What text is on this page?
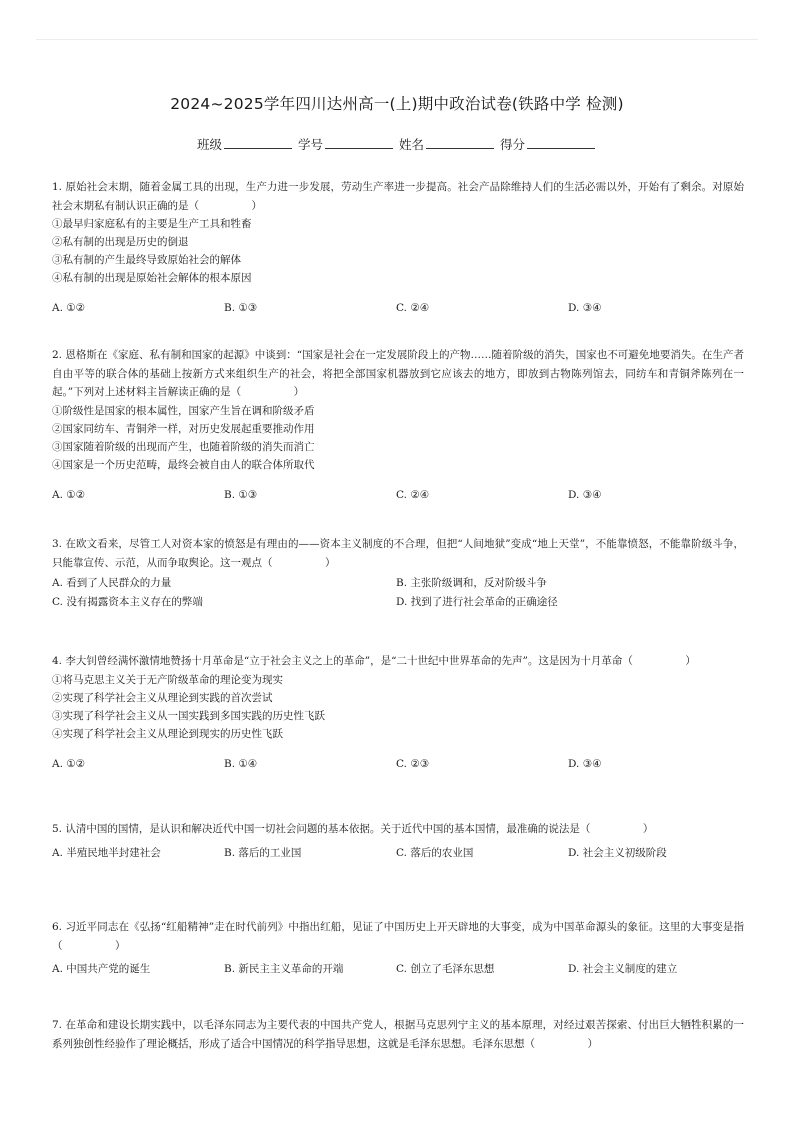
2024~2025学年四川达州高一(上)期中政治试卷(铁路中学 检测)
班级	学号	姓名	得分

1. 原始社会末期，随着金属工具的出现，生产力进一步发展，劳动生产率进一步提高。社会产品除维持人们的生活必需以外，开始有了剩余。对原始社会末期私有制认识正确的是（　　　　　）

①最早归家庭私有的主要是生产工具和牲畜

②私有制的出现是历史的倒退

③私有制的产生最终导致原始社会的解体

④私有制的出现是原始社会解体的根本原因

A. ①②	B. ①③	C. ②④	D. ③④

2. 恩格斯在《家庭、私有制和国家的起源》中谈到：“国家是社会在一定发展阶段上的产物……随着阶级的消失，国家也不可避免地要消失。在生产者自由平等的联合体的基础上按新方式来组织生产的社会，将把全部国家机器放到它应该去的地方，即放到古物陈列馆去，同纺车和青铜斧陈列在一起。”下列对上述材料主旨解读正确的是（　　　　　）

①阶级性是国家的根本属性，国家产生旨在调和阶级矛盾

②国家同纺车、青铜斧一样，对历史发展起重要推动作用

③国家随着阶级的出现而产生，也随着阶级的消失而消亡

④国家是一个历史范畴，最终会被自由人的联合体所取代

A. ①②	B. ①③	C. ②④	D. ③④

3. 在欧文看来，尽管工人对资本家的愤怒是有理由的——资本主义制度的不合理，但把“人间地狱”变成“地上天堂”，不能靠愤怒，不能靠阶级斗争，只能靠宣传、示范，从而争取舆论。这一观点（　　　　　）

A. 看到了人民群众的力量	B. 主张阶级调和，反对阶级斗争
C. 没有揭露资本主义存在的弊端	D. 找到了进行社会革命的正确途径

4. 李大钊曾经满怀激情地赞扬十月革命是“立于社会主义之上的革命”，是“二十世纪中世界革命的先声”。这是因为十月革命（　　　　　）

①将马克思主义关于无产阶级革命的理论变为现实

②实现了科学社会主义从理论到实践的首次尝试

③实现了科学社会主义从一国实践到多国实践的历史性飞跃

④实现了科学社会主义从理论到现实的历史性飞跃

A. ①②	B. ①④	C. ②③	D. ③④

5. 认清中国的国情，是认识和解决近代中国一切社会问题的基本依据。关于近代中国的基本国情，最准确的说法是（　　　　　）

A. 半殖民地半封建社会	B. 落后的工业国	C. 落后的农业国	D. 社会主义初级阶段

6. 习近平同志在《弘扬“红船精神”走在时代前列》中指出红船，见证了中国历史上开天辟地的大事变，成为中国革命源头的象征。这里的大事变是指（　　　　　）

A. 中国共产党的诞生	B. 新民主主义革命的开端	C. 创立了毛泽东思想	D. 社会主义制度的建立

7. 在革命和建设长期实践中，以毛泽东同志为主要代表的中国共产党人，根据马克思列宁主义的基本原理，对经过艰苦探索、付出巨大牺牲积累的一系列独创性经验作了理论概括，形成了适合中国情况的科学指导思想，这就是毛泽东思想。毛泽东思想（　　　　　）
